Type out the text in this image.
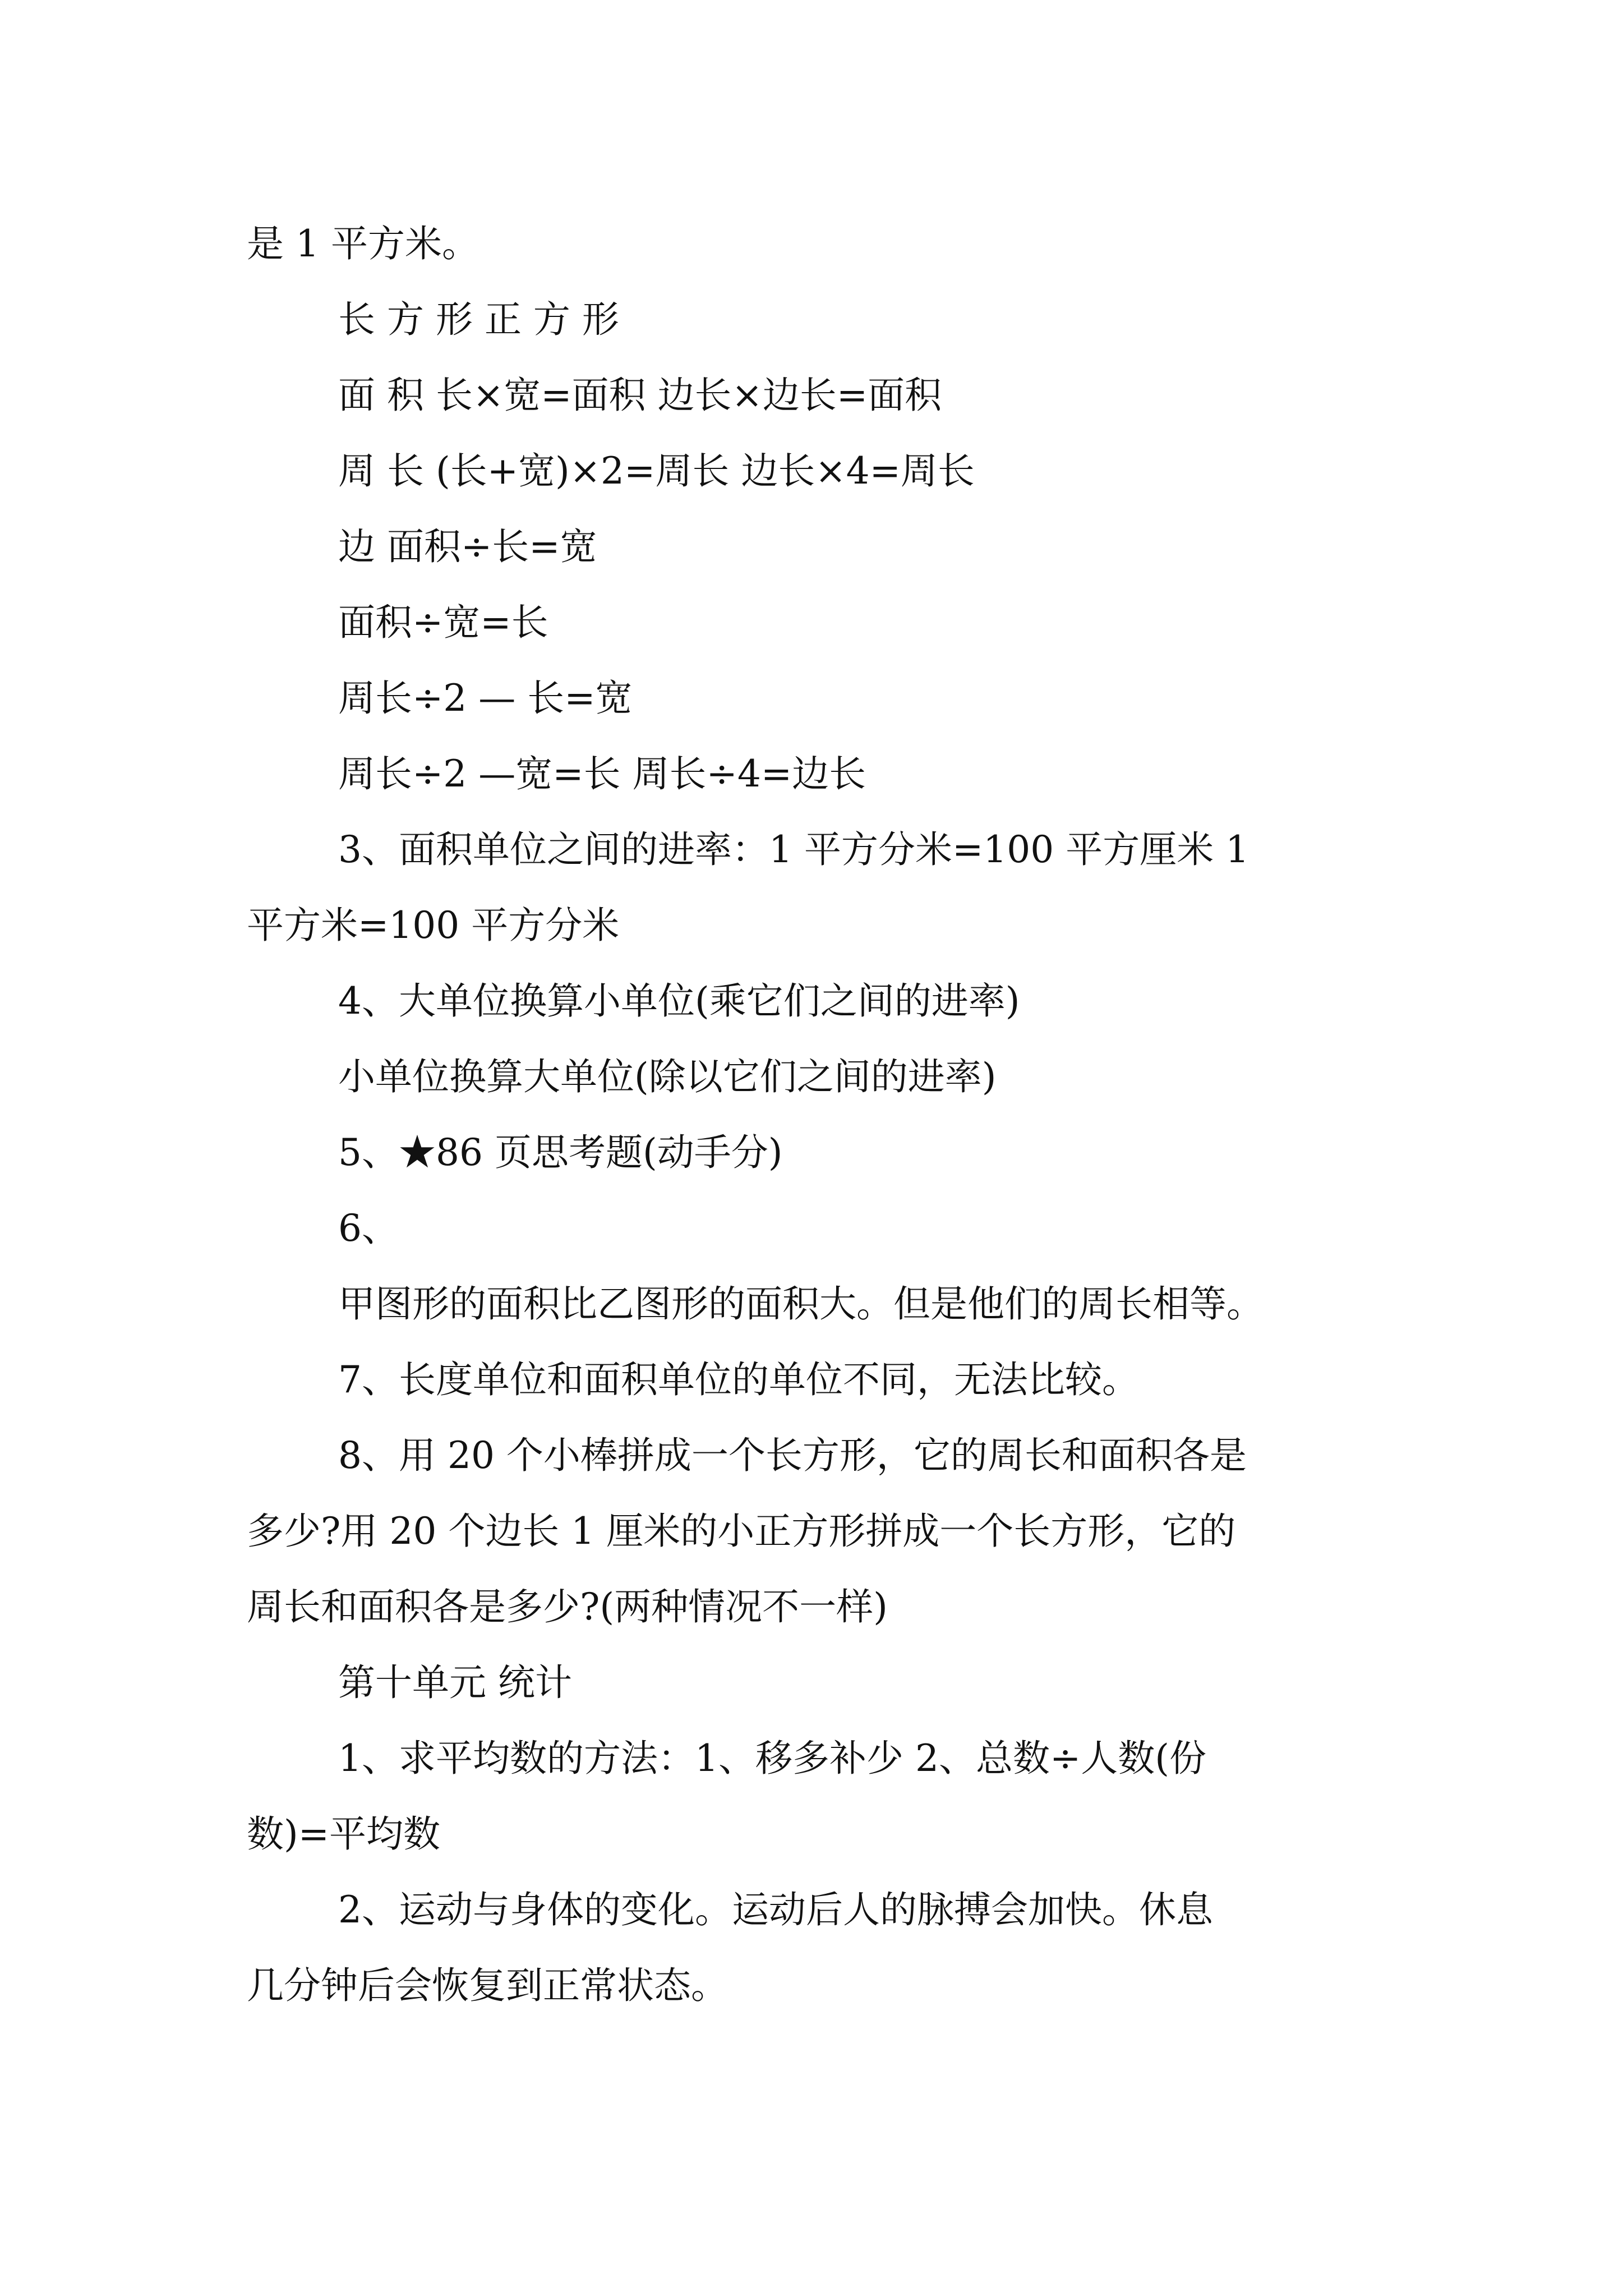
是 1 平方米。
长 方 形 正 方 形
面 积 长×宽=面积 边长×边长=面积
周 长 (长+宽)×2=周长 边长×4=周长
边 面积÷长=宽
面积÷宽=长
周长÷2 — 长=宽
周长÷2 —宽=长 周长÷4=边长
3、面积单位之间的进率：1 平方分米=100 平方厘米 1
平方米=100 平方分米
4、大单位换算小单位(乘它们之间的进率)
小单位换算大单位(除以它们之间的进率)
5、★86 页思考题(动手分)
6、
甲图形的面积比乙图形的面积大。但是他们的周长相等。
7、长度单位和面积单位的单位不同，无法比较。
8、用 20 个小棒拼成一个长方形，它的周长和面积各是
多少?用 20 个边长 1 厘米的小正方形拼成一个长方形，它的
周长和面积各是多少?(两种情况不一样)
第十单元 统计
1、求平均数的方法：1、移多补少 2、总数÷人数(份
数)=平均数
2、运动与身体的变化。运动后人的脉搏会加快。休息
几分钟后会恢复到正常状态。
